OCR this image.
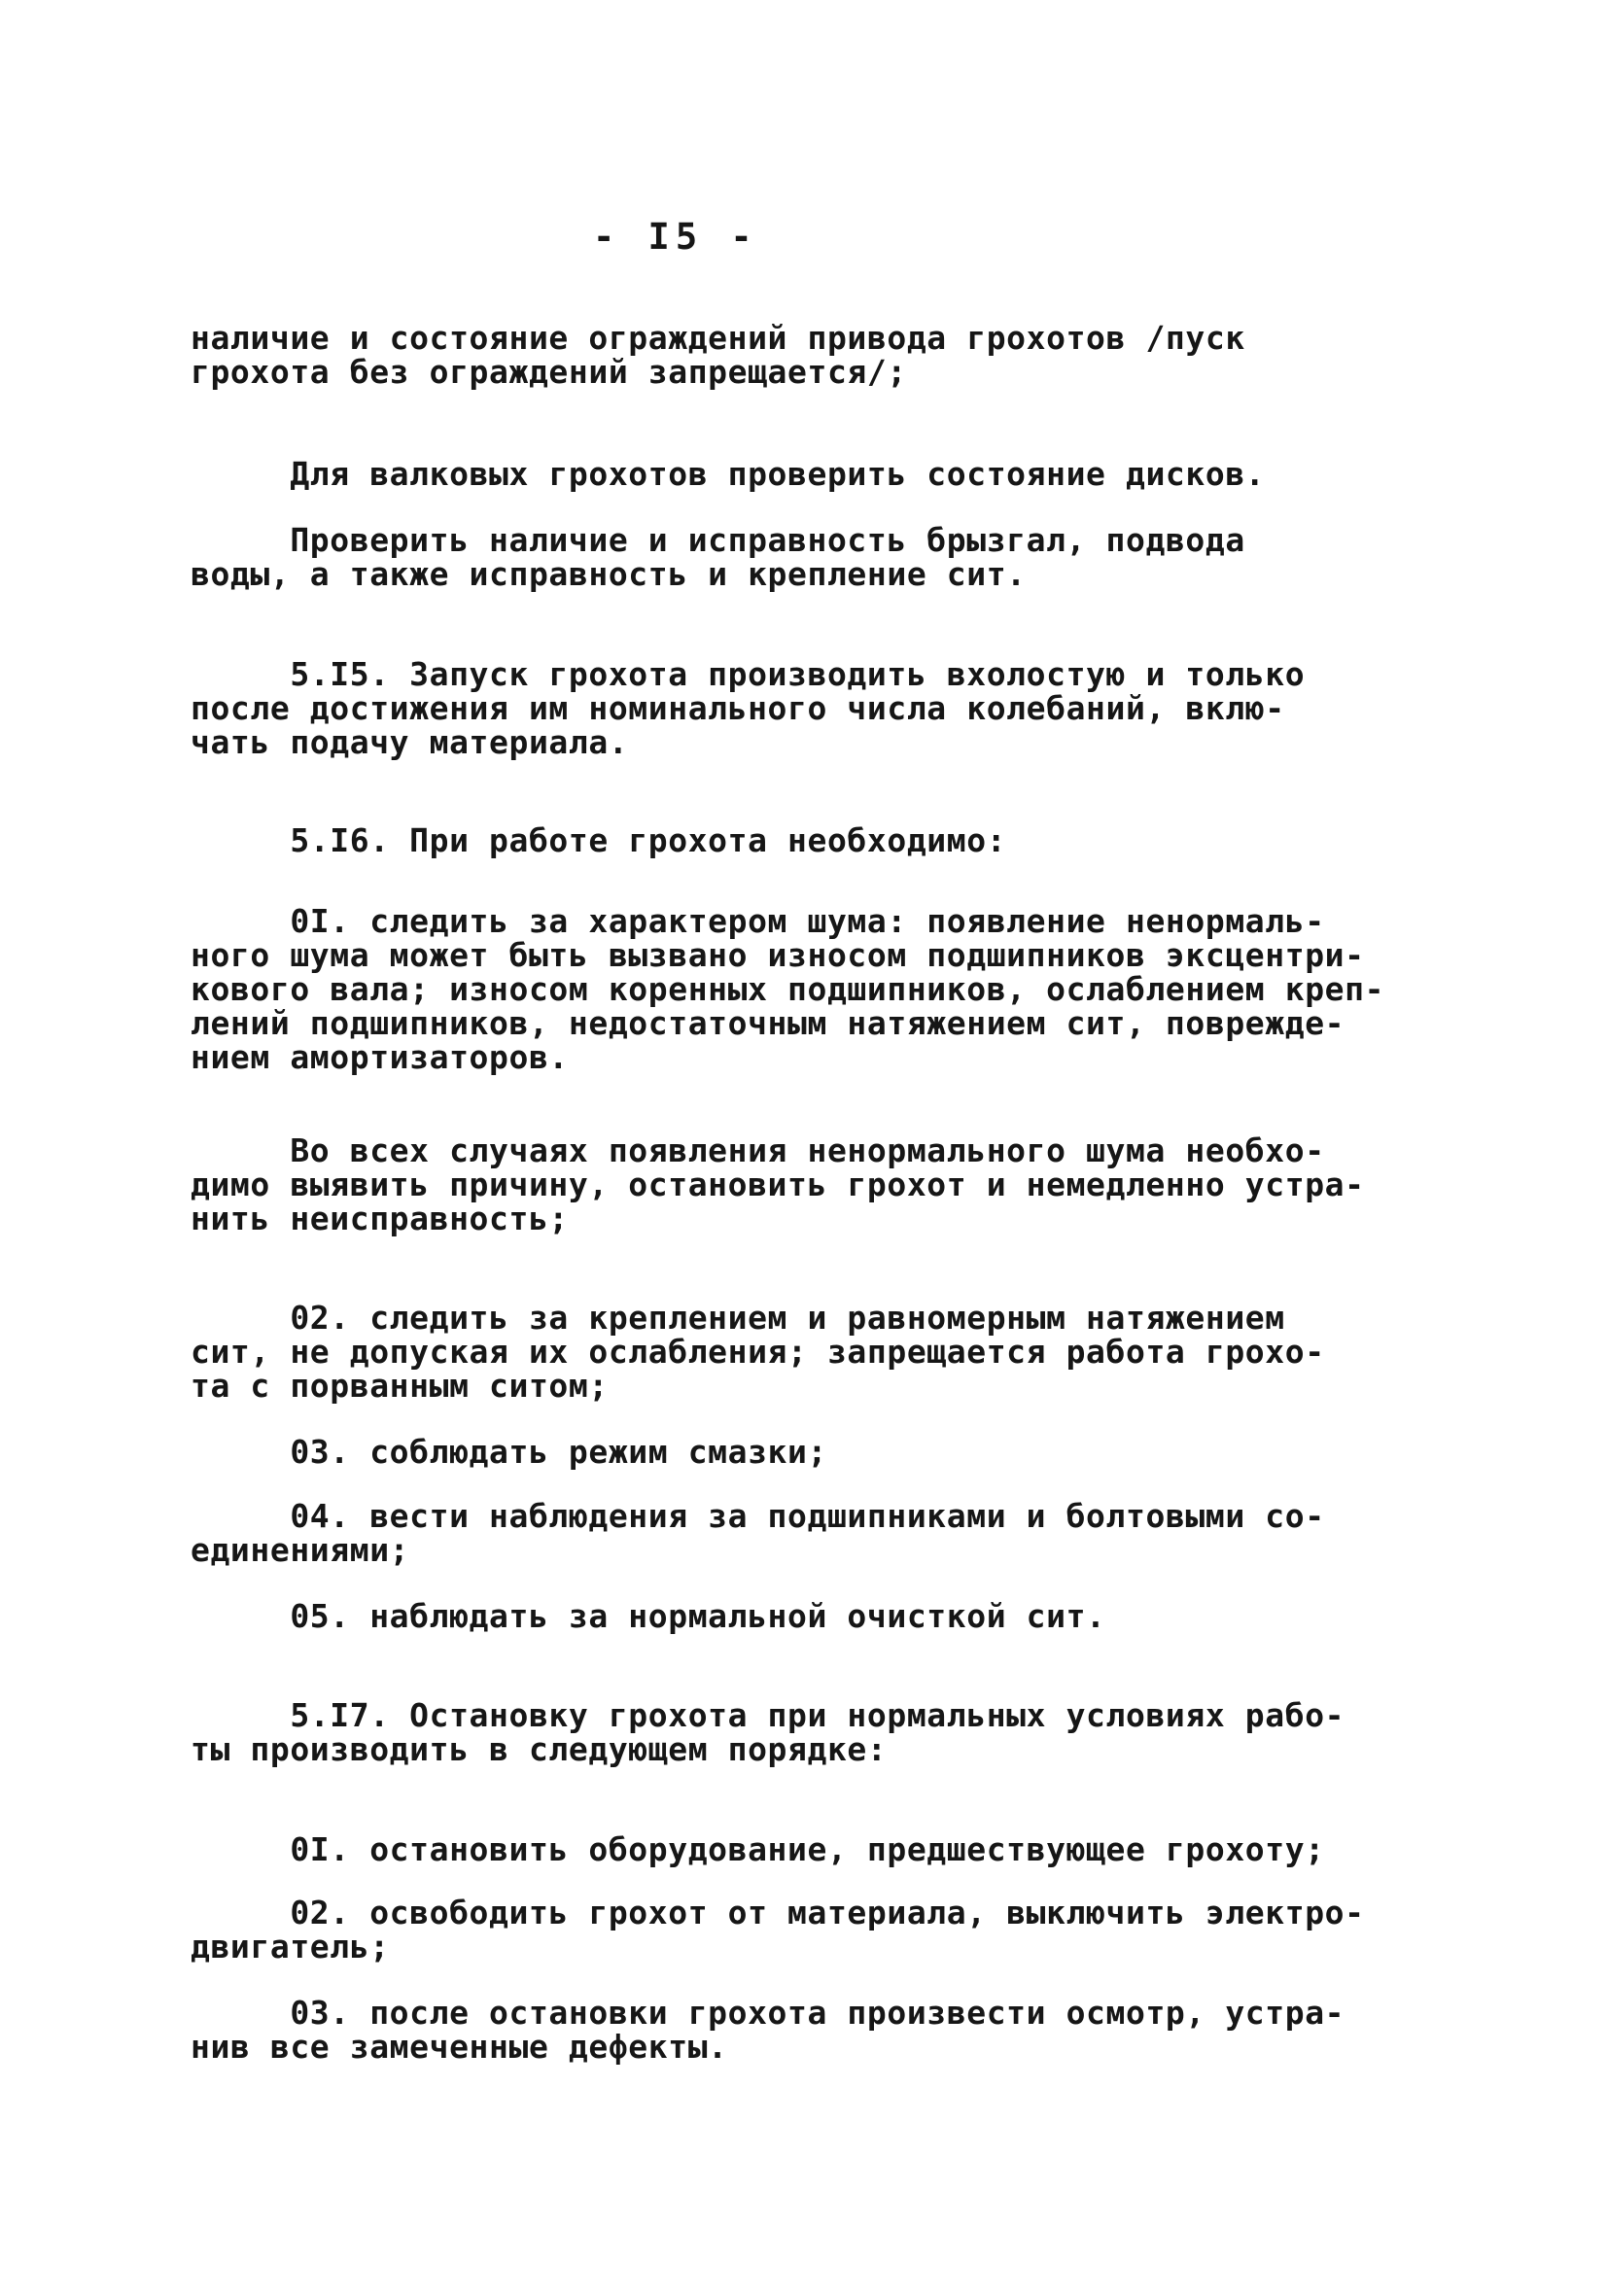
- I5 -
наличие и состояние ограждений привода грохотов /пуск
грохота без ограждений запрещается/;
Для валковых грохотов проверить состояние дисков.
Проверить наличие и исправность брызгал, подвода
воды, а также исправность и крепление сит.
5.I5. Запуск грохота производить вхолостую и только
после достижения им номинального числа колебаний, вклю-
чать подачу материала.
5.I6. При работе грохота необходимо:
0I. следить за характером шума: появление ненормаль-
ного шума может быть вызвано износом подшипников эксцентри-
кового вала; износом коренных подшипников, ослаблением креп-
лений подшипников, недостаточным натяжением сит, поврежде-
нием амортизаторов.
Во всех случаях появления ненормального шума необхо-
димо выявить причину, остановить грохот и немедленно устра-
нить неисправность;
02. следить за креплением и равномерным натяжением
сит, не допуская их ослабления; запрещается работа грохо-
та с порванным ситом;
03. соблюдать режим смазки;
04. вести наблюдения за подшипниками и болтовыми со-
единениями;
05. наблюдать за нормальной очисткой сит.
5.I7. Остановку грохота при нормальных условиях рабо-
ты производить в следующем порядке:
0I. остановить оборудование, предшествующее грохоту;
02. освободить грохот от материала, выключить электро-
двигатель;
03. после остановки грохота произвести осмотр, устра-
нив все замеченные дефекты.
